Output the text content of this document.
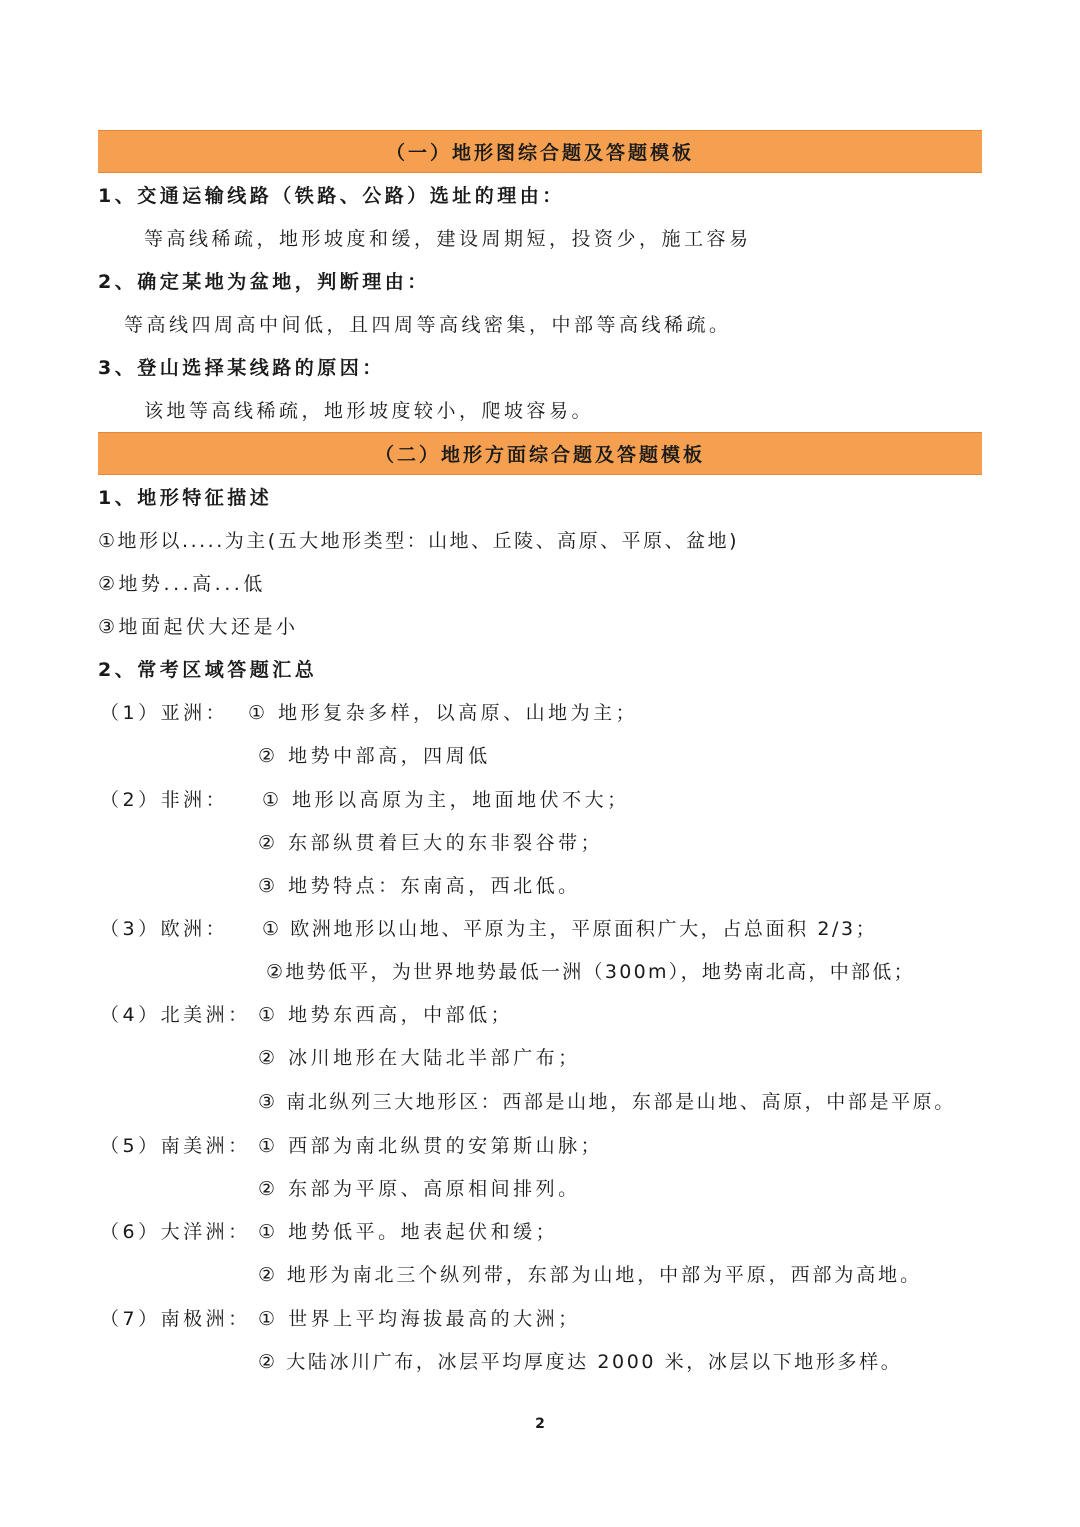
（一）地形图综合题及答题模板
1、交通运输线路（铁路、公路）选址的理由：
等高线稀疏，地形坡度和缓，建设周期短，投资少，施工容易
2、确定某地为盆地，判断理由：
等高线四周高中间低，且四周等高线密集，中部等高线稀疏。
3、登山选择某线路的原因：
该地等高线稀疏，地形坡度较小，爬坡容易。
（二）地形方面综合题及答题模板
1、地形特征描述
①地形以.....为主(五大地形类型：山地、丘陵、高原、平原、盆地)
②地势...高...低
③地面起伏大还是小
2、常考区域答题汇总
（1）亚洲： ① 地形复杂多样，以高原、山地为主；
② 地势中部高，四周低
（2）非洲： ① 地形以高原为主，地面地伏不大；
② 东部纵贯着巨大的东非裂谷带；
③ 地势特点：东南高，西北低。
（3）欧洲： ① 欧洲地形以山地、平原为主，平原面积广大，占总面积 2/3；
②地势低平，为世界地势最低一洲（300m），地势南北高，中部低；
（4）北美洲： ① 地势东西高，中部低；
② 冰川地形在大陆北半部广布；
③ 南北纵列三大地形区：西部是山地，东部是山地、高原，中部是平原。
（5）南美洲： ① 西部为南北纵贯的安第斯山脉；
② 东部为平原、高原相间排列。
（6）大洋洲： ① 地势低平。地表起伏和缓；
② 地形为南北三个纵列带，东部为山地，中部为平原，西部为高地。
（7）南极洲： ① 世界上平均海拔最高的大洲；
② 大陆冰川广布，冰层平均厚度达 2000 米，冰层以下地形多样。
2
